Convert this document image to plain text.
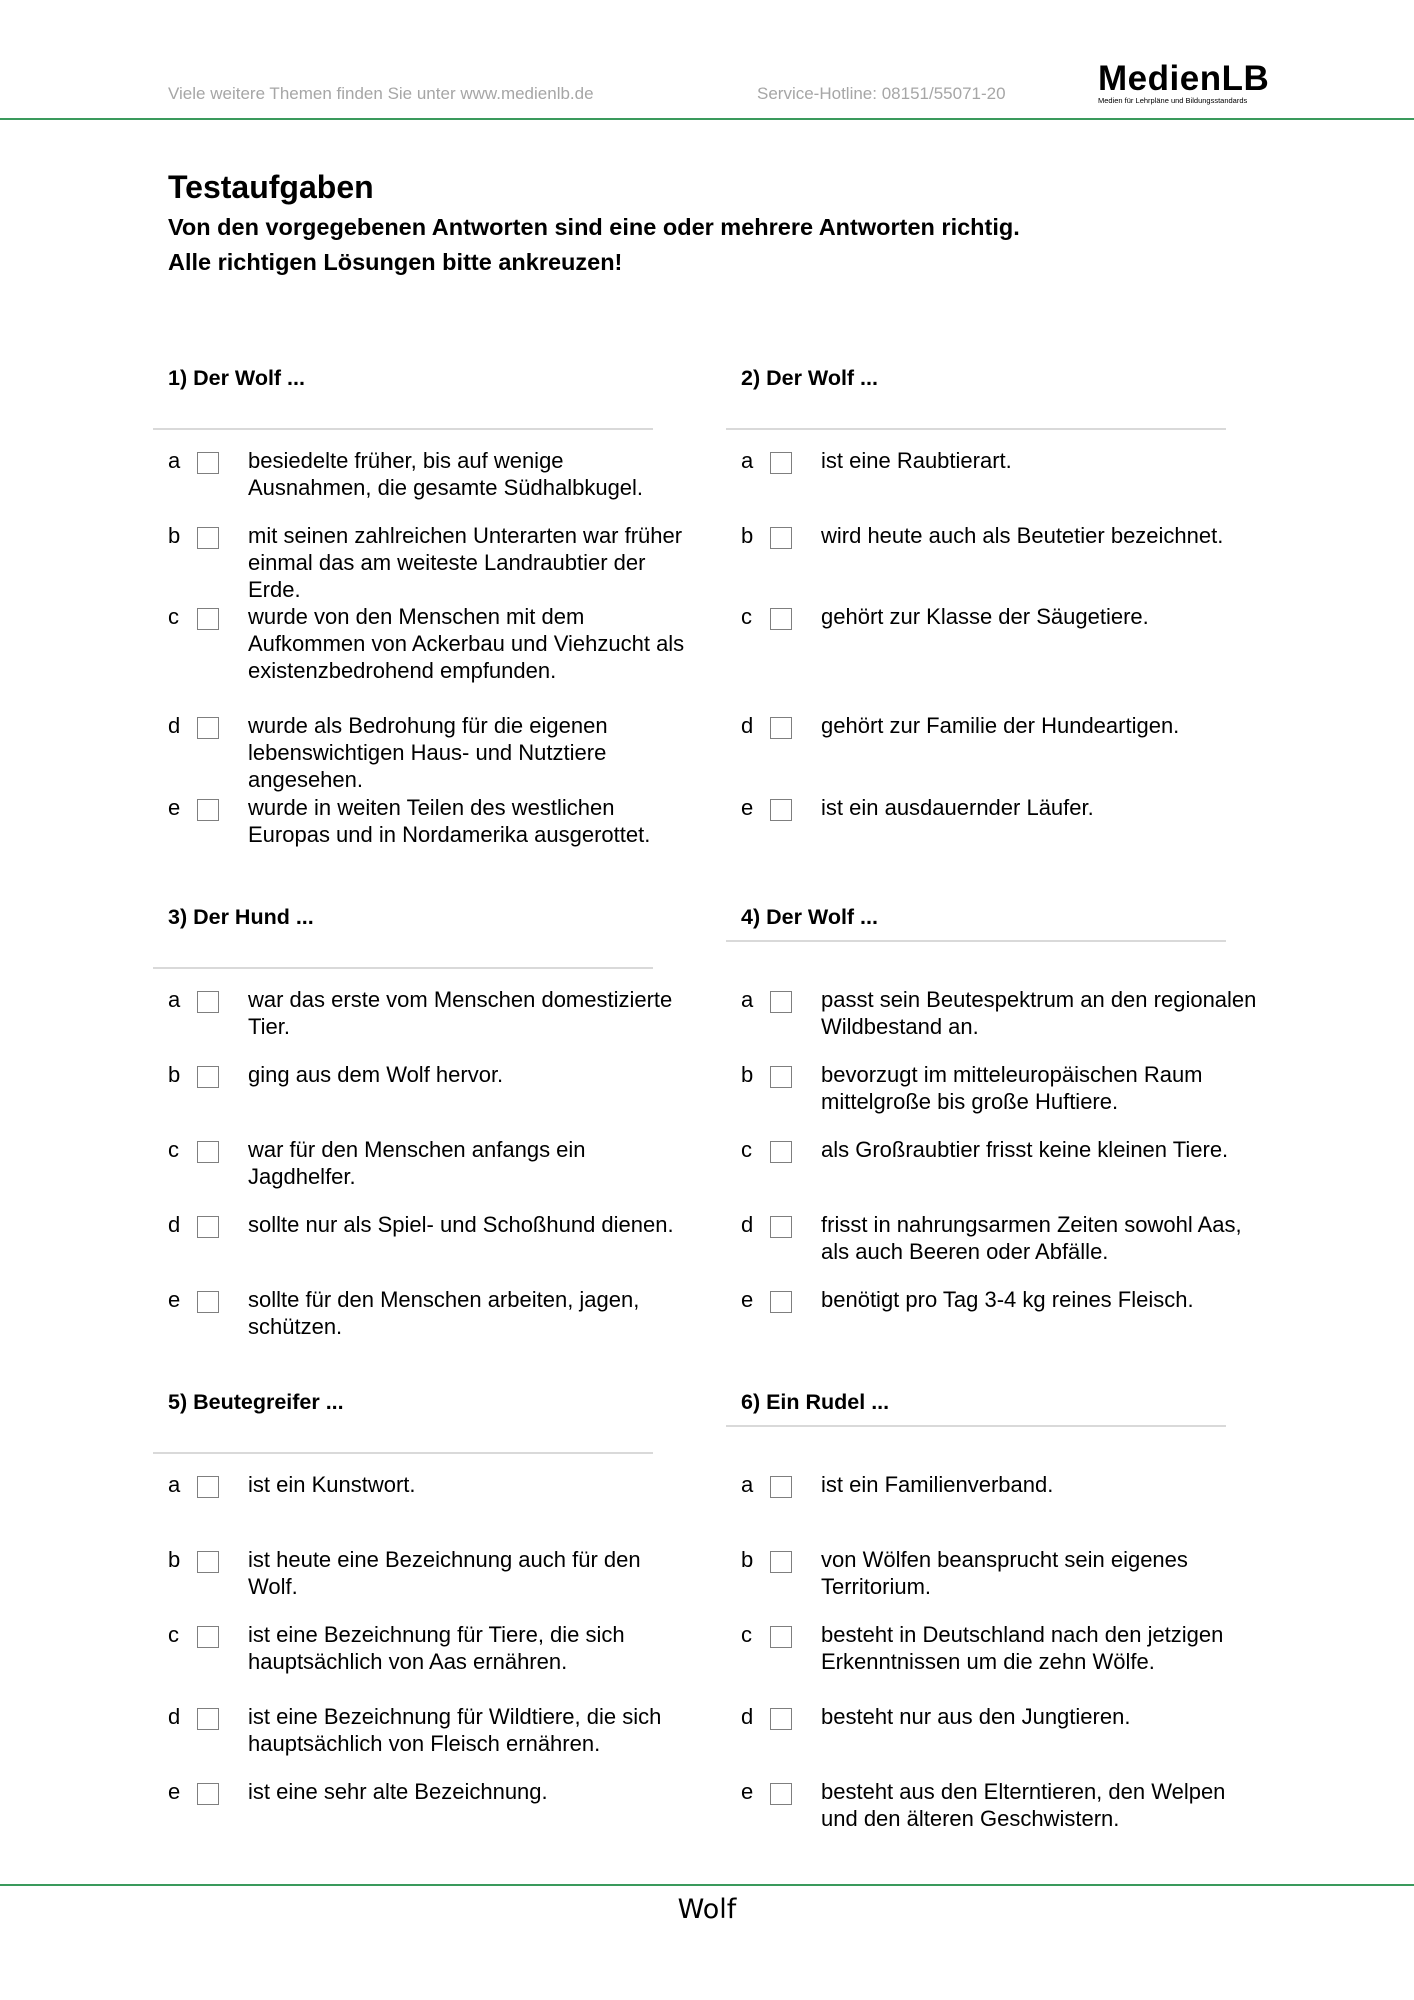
Viele weitere Themen finden Sie unter www.medienlb.de	Service-Hotline: 08151/55071-20	MedienLB
Medien für Lehrpläne und Bildungsstandards
Testaufgaben

Von den vorgegebenen Antworten sind eine oder mehrere Antworten richtig.

Alle richtigen Lösungen bitte ankreuzen!

1) Der Wolf ...
a	besiedelte früher, bis auf wenige Ausnahmen, die gesamte Südhalbkugel.
b	mit seinen zahlreichen Unterarten war früher einmal das am weiteste Landraubtier der Erde.
c	wurde von den Menschen mit dem Aufkommen von Ackerbau und Viehzucht als existenzbedrohend empfunden.
d	wurde als Bedrohung für die eigenen lebenswichtigen Haus- und Nutztiere angesehen.
e	wurde in weiten Teilen des westlichen Europas und in Nordamerika ausgerottet.
2) Der Wolf ...
a	ist eine Raubtierart.
b	wird heute auch als Beutetier bezeichnet.
c	gehört zur Klasse der Säugetiere.
d	gehört zur Familie der Hundeartigen.
e	ist ein ausdauernder Läufer.
3) Der Hund ...
a	war das erste vom Menschen domestizierte Tier.
b	ging aus dem Wolf hervor.
c	war für den Menschen anfangs ein Jagdhelfer.
d	sollte nur als Spiel- und Schoßhund dienen.
e	sollte für den Menschen arbeiten, jagen, schützen.
4) Der Wolf ...
a	passt sein Beutespektrum an den regionalen Wildbestand an.
b	bevorzugt im mitteleuropäischen Raum mittelgroße bis große Huftiere.
c	als Großraubtier frisst keine kleinen Tiere.
d	frisst in nahrungsarmen Zeiten sowohl Aas, als auch Beeren oder Abfälle.
e	benötigt pro Tag 3-4 kg reines Fleisch.
5) Beutegreifer ...
a	ist ein Kunstwort.
b	ist heute eine Bezeichnung auch für den Wolf.
c	ist eine Bezeichnung für Tiere, die sich hauptsächlich von Aas ernähren.
d	ist eine Bezeichnung für Wildtiere, die sich hauptsächlich von Fleisch ernähren.
e	ist eine sehr alte Bezeichnung.
6) Ein Rudel ...
a	ist ein Familienverband.
b	von Wölfen beansprucht sein eigenes Territorium.
c	besteht in Deutschland nach den jetzigen Erkenntnissen um die zehn Wölfe.
d	besteht nur aus den Jungtieren.
e	besteht aus den Elterntieren, den Welpen und den älteren Geschwistern.
Wolf
